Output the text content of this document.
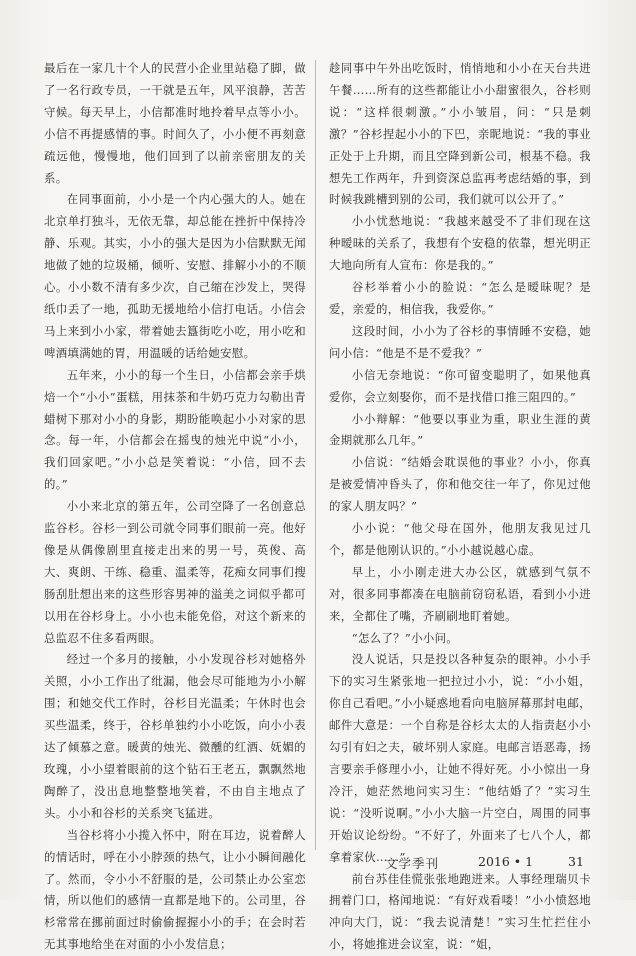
最后在一家几十个人的民营小企业里站稳了脚，做了一名行政专员，一干就是五年，风平浪静，苦苦守候。每天早上，小信都准时地拎着早点等小小。小信不再提感情的事。时间久了，小小便不再刻意疏远他，慢慢地，他们回到了以前亲密朋友的关系。

在同事面前，小小是一个内心强大的人。她在北京单打独斗，无依无靠，却总能在挫折中保持冷静、乐观。其实，小小的强大是因为小信默默无闻地做了她的垃圾桶，倾听、安慰、排解小小的不顺心。小小数不清有多少次，自己缩在沙发上，哭得纸巾丢了一地，孤助无援地给小信打电话。小信会马上来到小小家，带着她去簋街吃小吃，用小吃和啤酒填满她的胃，用温暖的话给她安慰。

五年来，小小的每一个生日，小信都会亲手烘焙一个“小小”蛋糕，用抹茶和牛奶巧克力勾勒出青蜡树下那对小小的身影，期盼能唤起小小对家的思念。每一年，小信都会在摇曳的烛光中说“小小，我们回家吧。”小小总是笑着说：“小信，回不去的。”

小小来北京的第五年，公司空降了一名创意总监谷杉。谷杉一到公司就令同事们眼前一亮。他好像是从偶像剧里直接走出来的男一号，英俊、高大、爽朗、干练、稳重、温柔等，花痴女同事们搜肠刮肚想出来的这些形容男神的溢美之词似乎都可以用在谷杉身上。小小也未能免俗，对这个新来的总监忍不住多看两眼。

经过一个多月的接触，小小发现谷杉对她格外关照，小小工作出了纰漏，他会尽可能地为小小解围；和她交代工作时，谷杉目光温柔；午休时也会买些温柔，终于，谷杉单独约小小吃饭，向小小表达了倾慕之意。暖黄的烛光、微醺的红酒、妩媚的玫瑰，小小望着眼前的这个钻石王老五，飘飘然地陶醉了，没出息地整整地笑着，不由自主地点了头。小小和谷杉的关系突飞猛进。

当谷杉将小小揽入怀中，附在耳边，说着醉人的情话时，呼在小小脖颈的热气，让小小瞬间融化了。然而，令小小不舒服的是，公司禁止办公室恋情，所以他们的感情一直都是地下的。公司里，谷杉常常在挪前面过时偷偷握握小小的手；在会时若无其事地给坐在对面的小小发信息；

趁同事中午外出吃饭时，悄悄地和小小在天台共进午餐……所有的这些都能让小小甜蜜很久，谷杉则说：“这样很刺激。”小小皱眉，问：“只是刺激？”谷杉捏起小小的下巴，亲昵地说：“我的事业正处于上升期，而且空降到新公司，根基不稳。我想先工作两年，升到资深总监再考虑结婚的事，到时候我跳槽到别的公司，我们就可以公开了。”

小小忧愁地说：“我越来越受不了非们现在这种暧昧的关系了，我想有个安稳的依靠，想光明正大地向所有人宣布：你是我的。”

谷杉举着小小的脸说：“怎么是暧昧呢？是爱，亲爱的，相信我，我爱你。”

这段时间，小小为了谷杉的事情睡不安稳，她问小信：“他是不是不爱我？”

小信无奈地说：“你可留变聪明了，如果他真爱你，会立刻娶你，而不是找借口推三阻四的。”

小小辩解：“他要以事业为重，职业生涯的黄金期就那么几年。”

小信说：“结婚会耽误他的事业？小小，你真是被爱情冲昏头了，你和他交往一年了，你见过他的家人朋友吗？”

小小说：“他父母在国外，他朋友我见过几个，都是他刚认识的。”小小越说越心虚。

早上，小小刚走进大办公区，就感到气氛不对，很多同事都凑在电脑前窃窃私语，看到小小进来，全都住了嘴，齐刷刷地盯着她。

“怎么了？”小小问。

没人说话，只是投以各种复杂的眼神。小小手下的实习生紧张地一把拉过小小，说：“小小姐，你自己看吧。”小小疑惑地看向电脑屏幕那封电邮，邮件大意是：一个自称是谷杉太太的人指责赵小小勾引有妇之夫，破坏别人家庭。电邮言语恶毒，扬言要亲手修理小小，让她不得好死。小小惊出一身冷汗，她茫然地问实习生：“他结婚了？”实习生说：“没听说啊。”小小大脑一片空白，周围的同事开始议论纷纷。“不好了，外面来了七八个人，都拿着家伙……”

前台苏佳佳慌张张地跑进来。人事经理瑞贝卡拥着门口，格闻地说：“有好戏看喽！”小小愤怒地冲向大门，说：“我去说清楚！”实习生忙拦住小小，将她推进会议室，说：“姐，

文学季刊	2016 • 1	31
